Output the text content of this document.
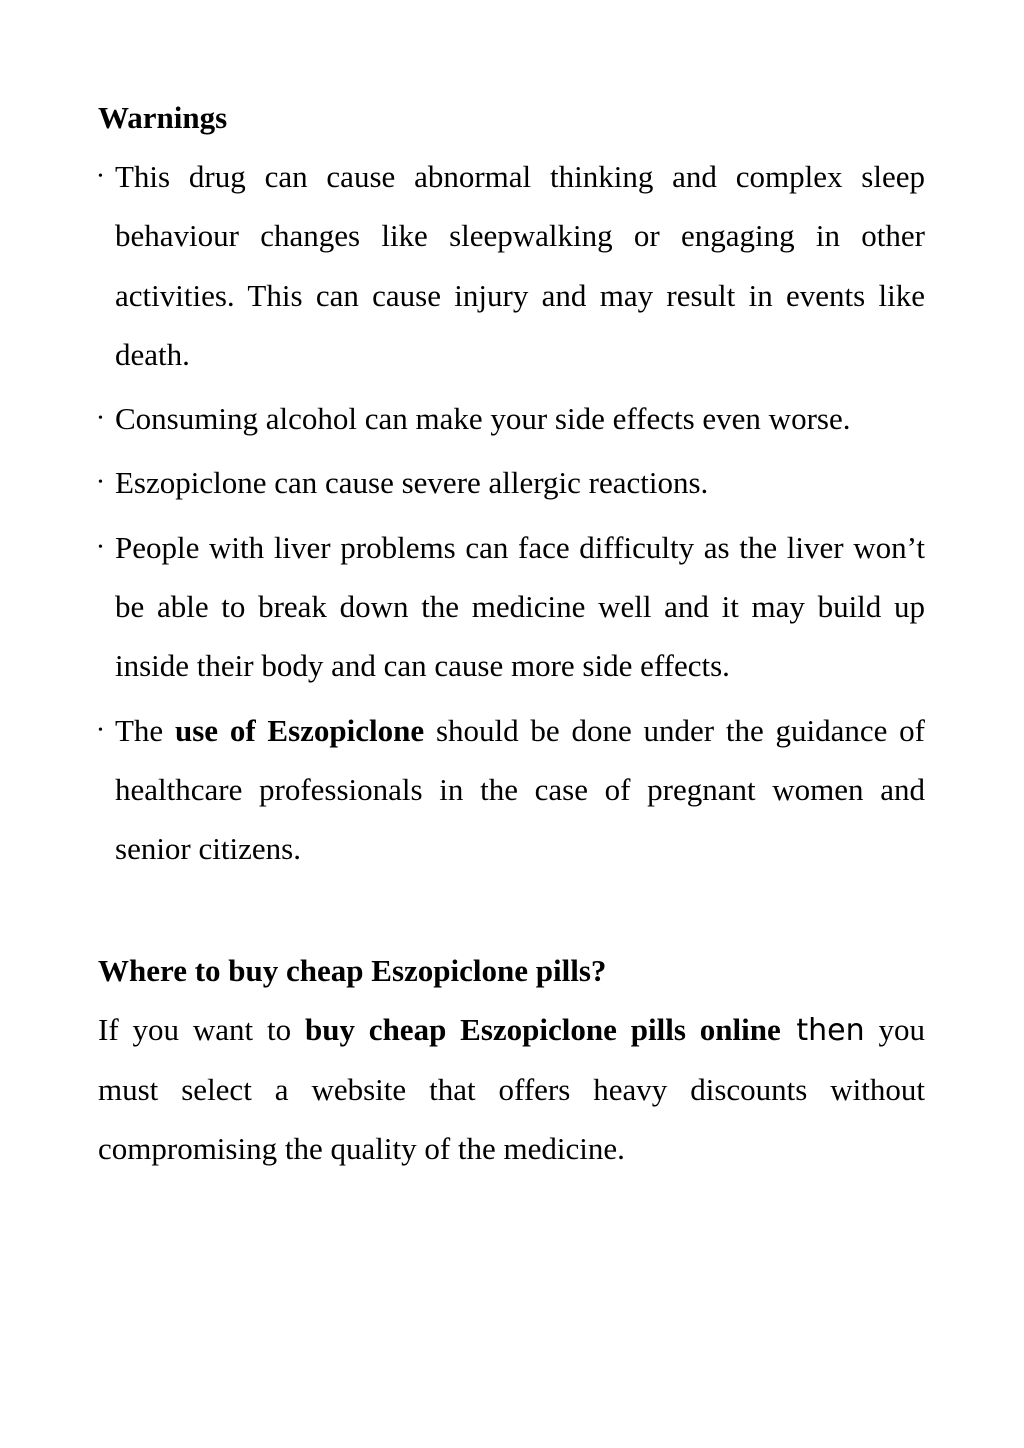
Warnings
• This drug can cause abnormal thinking and complex sleep behaviour changes like sleepwalking or engaging in other activities. This can cause injury and may result in events like death.
• Consuming alcohol can make your side effects even worse.
• Eszopiclone can cause severe allergic reactions.
• People with liver problems can face difficulty as the liver won’t be able to break down the medicine well and it may build up inside their body and can cause more side effects.
• The use of Eszopiclone should be done under the guidance of healthcare professionals in the case of pregnant women and senior citizens.
Where to buy cheap Eszopiclone pills?

If you want to buy cheap Eszopiclone pills online then you must select a website that offers heavy discounts without compromising the quality of the medicine.
